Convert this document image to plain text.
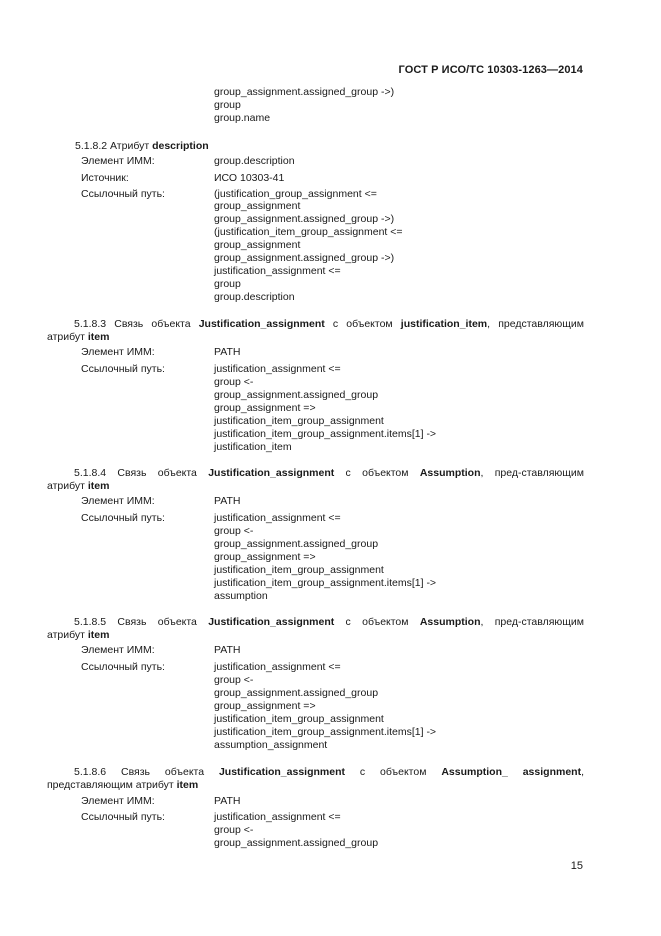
ГОСТ Р ИСО/ТС 10303-1263—2014
group_assignment.assigned_group ->)
group
group.name
5.1.8.2 Атрибут description
Элемент ИММ:	group.description
Источник:	ИСО 10303-41
Ссылочный путь:	(justification_group_assignment <=
group_assignment
group_assignment.assigned_group ->)
(justification_item_group_assignment <=
group_assignment
group_assignment.assigned_group ->)
justification_assignment <=
group
group.description
5.1.8.3 Связь объекта Justification_assignment с объектом justification_item, представляющим
атрибут item
Элемент ИММ:	PATH
Ссылочный путь:	justification_assignment <=
group <-
group_assignment.assigned_group
group_assignment =>
justification_item_group_assignment
justification_item_group_assignment.items[1] ->
justification_item
5.1.8.4 Связь объекта Justification_assignment с объектом Assumption, пред-ставляющим
атрибут item
Элемент ИММ:	PATH
Ссылочный путь:	justification_assignment <=
group <-
group_assignment.assigned_group
group_assignment =>
justification_item_group_assignment
justification_item_group_assignment.items[1] ->
assumption
5.1.8.5 Связь объекта Justification_assignment с объектом Assumption, пред-ставляющим
атрибут item
Элемент ИММ:	PATH
Ссылочный путь:	justification_assignment <=
group <-
group_assignment.assigned_group
group_assignment =>
justification_item_group_assignment
justification_item_group_assignment.items[1] ->
assumption_assignment
5.1.8.6 Связь объекта Justification_assignment с объектом Assumption_ assignment,
представляющим атрибут item
Элемент ИММ:	PATH
Ссылочный путь:	justification_assignment <=
group <-
group_assignment.assigned_group
15
